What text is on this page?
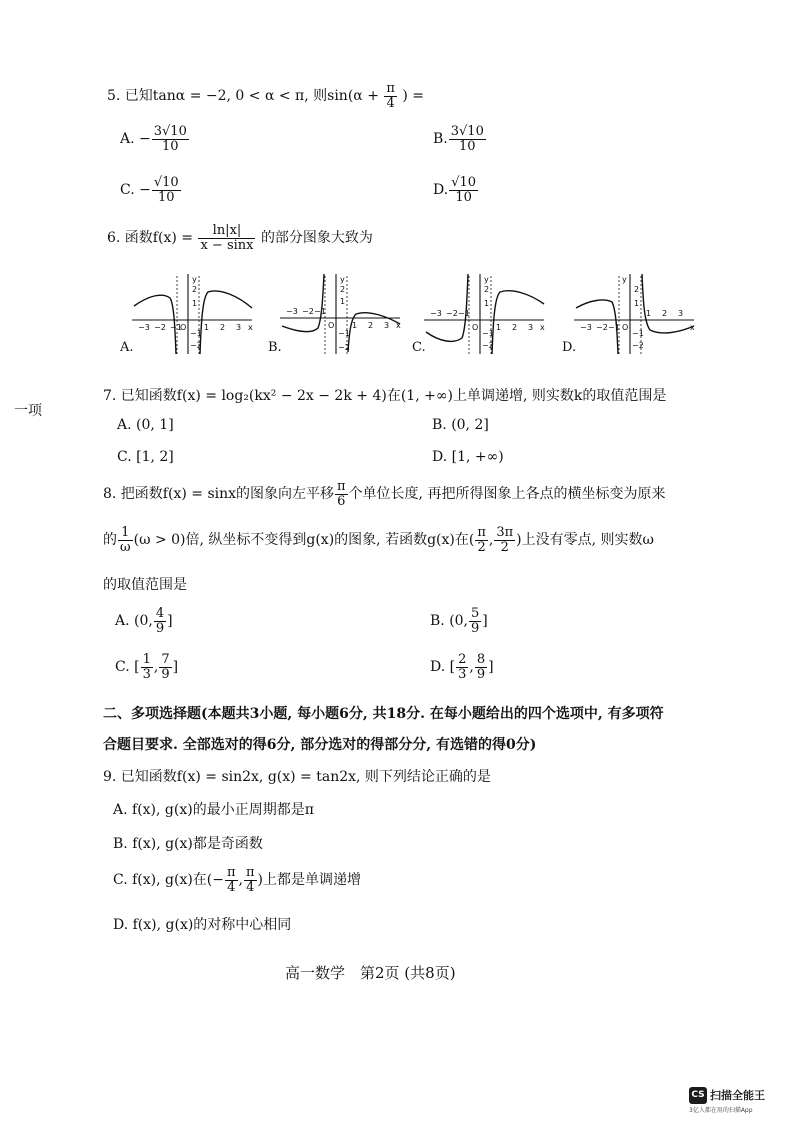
5. 已知tanα = −2, 0 < α < π, 则$\sin(\alpha + \frac{\pi}{4}$ ) =
A. − $\frac{3√10}{10}$	B. $\frac{3√10}{10}$
C. − $\frac{√10}{10}$	D. $\frac{√10}{10}$
6. 函数$f(x) = \frac{\ln|x|}{x - \sin x}$ 的部分图象大致为
y
x
−3 −2 −1
O 1 2 3
2
1
−1
−2
A.
y
x
−3 −2 −1
O 1 2 3
2
1
−1
−2
B.
y
x
−3 −2 −1
O 1 2 3
2
1
−1
−2
C.
y
x
−3 −2 −1 O
1 2 3
2
1
−1
−2
D.
一项
7. 已知函数f(x) = log₂(kx² − 2x − 2k + 4)在(1, +∞)上单调递增, 则实数k的取值范围是
A. (0, 1]	B. (0, 2]
C. [1, 2]	D. [1, +∞)
8. 把函数f(x) = sinx的图象向左平移 $\frac{\pi}{6}$ 个单位长度, 再把所得图象上各点的横坐标变为原来
的 $\frac{1}{\omega} (\omega > 0)$倍, 纵坐标不变得到g(x)的图象, 若函数g(x)在( $\frac{\pi}{2}$ , $\frac{3\pi}{2}$ )上没有零点, 则实数ω
的取值范围是
A. (0, $\frac{4}{9}$ ]	B. (0, $\frac{5}{9}$ ]
C. [ $\frac{1}{3}$ , $\frac{7}{9}$ ]	D. [ $\frac{2}{3}$ , $\frac{8}{9}$ ]
二、多项选择题(本题共3小题, 每小题6分, 共18分. 在每小题给出的四个选项中, 有多项符
合题目要求. 全部选对的得6分, 部分选对的得部分分, 有选错的得0分)
9. 已知函数f(x) = sin2x, g(x) = tan2x, 则下列结论正确的是
A. f(x), g(x)的最小正周期都是π
B. f(x), g(x)都是奇函数
C. f(x), g(x)在(− $\frac{\pi}{4}$ , $\frac{\pi}{4}$ )上都是单调递增
D. f(x), g(x)的对称中心相同
高一数学　第2页 (共8页)
CS 扫描全能王
3亿人都在用的扫描App
